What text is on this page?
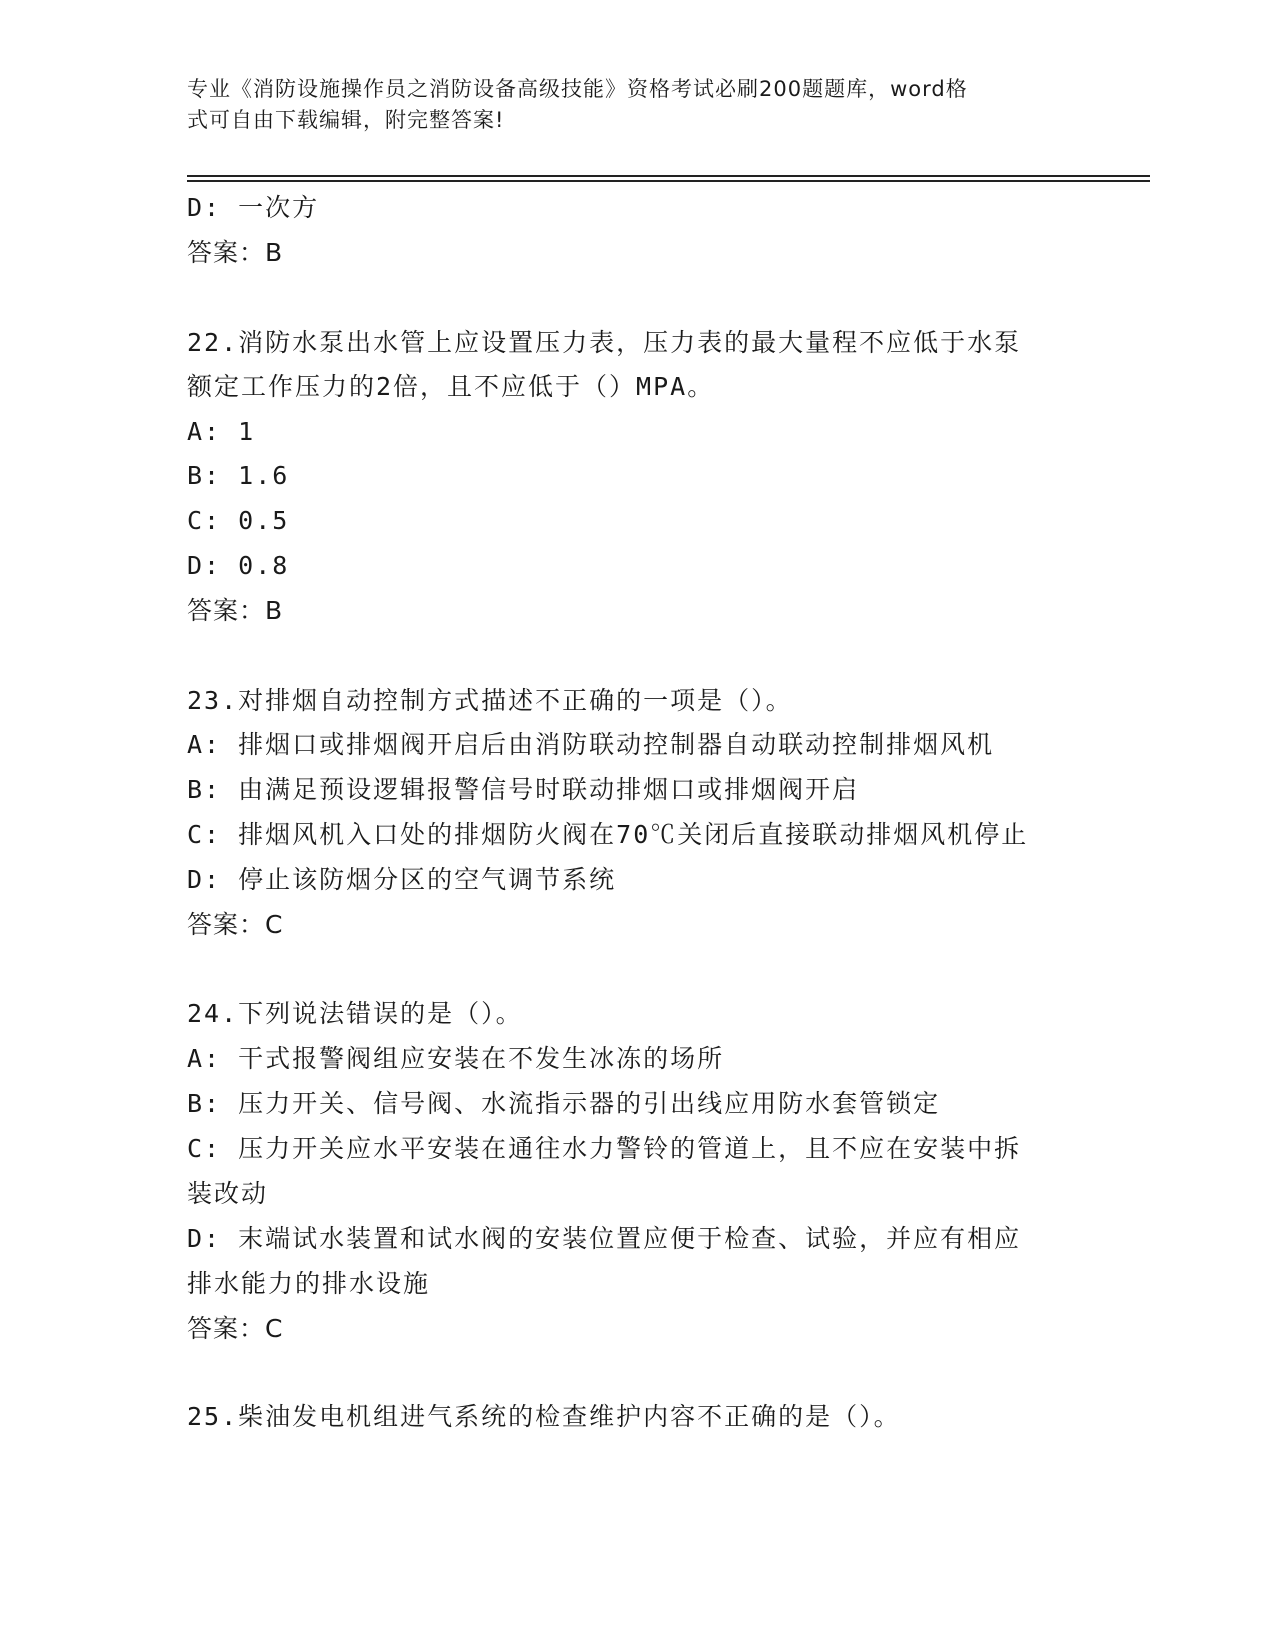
专业《消防设施操作员之消防设备高级技能》资格考试必刷200题题库，word格
式可自由下载编辑，附完整答案!
D: 一次方
答案：B
22.消防水泵出水管上应设置压力表，压力表的最大量程不应低于水泵
额定工作压力的2倍，且不应低于（）MPA。
A: 1
B: 1.6
C: 0.5
D: 0.8
答案：B
23.对排烟自动控制方式描述不正确的一项是（）。
A: 排烟口或排烟阀开启后由消防联动控制器自动联动控制排烟风机
B: 由满足预设逻辑报警信号时联动排烟口或排烟阀开启
C: 排烟风机入口处的排烟防火阀在70℃关闭后直接联动排烟风机停止
D: 停止该防烟分区的空气调节系统
答案：C
24.下列说法错误的是（）。
A: 干式报警阀组应安装在不发生冰冻的场所
B: 压力开关、信号阀、水流指示器的引出线应用防水套管锁定
C: 压力开关应水平安装在通往水力警铃的管道上，且不应在安装中拆
装改动
D: 末端试水装置和试水阀的安装位置应便于检查、试验，并应有相应
排水能力的排水设施
答案：C
25.柴油发电机组进气系统的检查维护内容不正确的是（）。
